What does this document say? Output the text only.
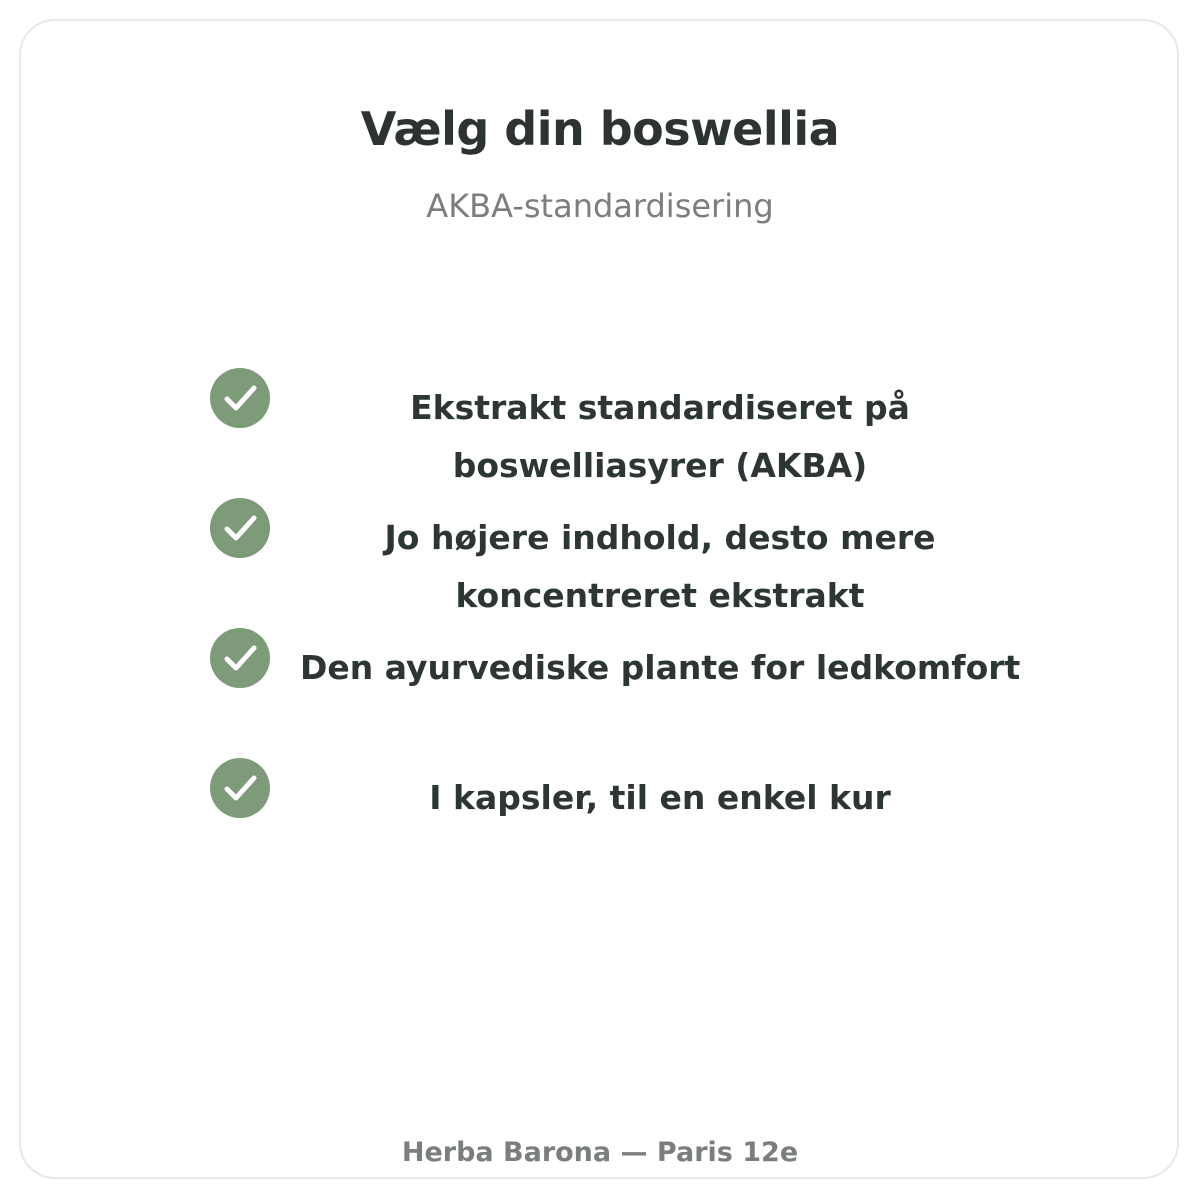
Vælg din boswellia
AKBA-standardisering
Ekstrakt standardiseret på
boswelliasyrer (AKBA)
Jo højere indhold, desto mere
koncentreret ekstrakt
Den ayurvediske plante for ledkomfort
I kapsler, til en enkel kur
Herba Barona — Paris 12e
